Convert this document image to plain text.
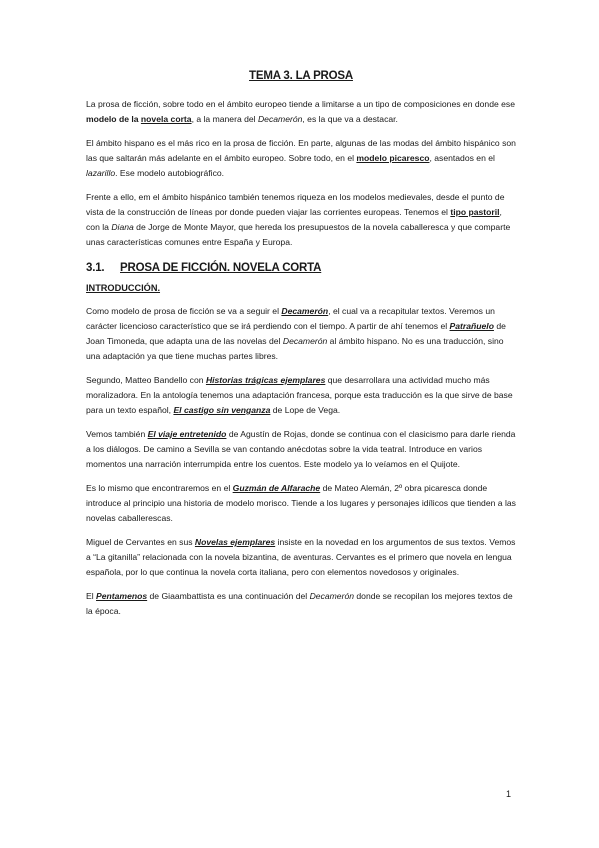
TEMA 3. LA PROSA

La prosa de ficción, sobre todo en el ámbito europeo tiende a limitarse a un tipo de composiciones en donde ese modelo de la novela corta, a la manera del Decamerón, es la que va a destacar.

El ámbito hispano es el más rico en la prosa de ficción. En parte, algunas de las modas del ámbito hispánico son las que saltarán más adelante en el ámbito europeo. Sobre todo, en el modelo picaresco, asentados en el lazarillo. Ese modelo autobiográfico.

Frente a ello, em el ámbito hispánico también tenemos riqueza en los modelos medievales, desde el punto de vista de la construcción de líneas por donde pueden viajar las corrientes europeas. Tenemos el tipo pastoril, con la Diana de Jorge de Monte Mayor, que hereda los presupuestos de la novela caballeresca y que comparte unas características comunes entre España y Europa.

3.1. PROSA DE FICCIÓN. NOVELA CORTA
INTRODUCCIÓN.

Como modelo de prosa de ficción se va a seguir el Decamerón, el cual va a recapitular textos. Veremos un carácter licencioso característico que se irá perdiendo con el tiempo. A partir de ahí tenemos el Patrañuelo de Joan Timoneda, que adapta una de las novelas del Decamerón al ámbito hispano. No es una traducción, sino una adaptación ya que tiene muchas partes libres.

Segundo, Matteo Bandello con Historias trágicas ejemplares que desarrollara una actividad mucho más moralizadora. En la antología tenemos una adaptación francesa, porque esta traducción es la que sirve de base para un texto español, El castigo sin venganza de Lope de Vega.

Vemos también El viaje entretenido de Agustín de Rojas, donde se continua con el clasicismo para darle rienda a los diálogos. De camino a Sevilla se van contando anécdotas sobre la vida teatral. Introduce en varios momentos una narración interrumpida entre los cuentos. Este modelo ya lo veíamos en el Quijote.

Es lo mismo que encontraremos en el Guzmán de Alfarache de Mateo Alemán, 2º obra picaresca donde introduce al principio una historia de modelo morisco. Tiende a los lugares y personajes idílicos que tienden a las novelas caballerescas.

Miguel de Cervantes en sus Novelas ejemplares insiste en la novedad en los argumentos de sus textos. Vemos a “La gitanilla” relacionada con la novela bizantina, de aventuras. Cervantes es el primero que novela en lengua española, por lo que continua la novela corta italiana, pero con elementos novedosos y originales.

El Pentamenos de Giaambattista es una continuación del Decamerón donde se recopilan los mejores textos de la época.

1
